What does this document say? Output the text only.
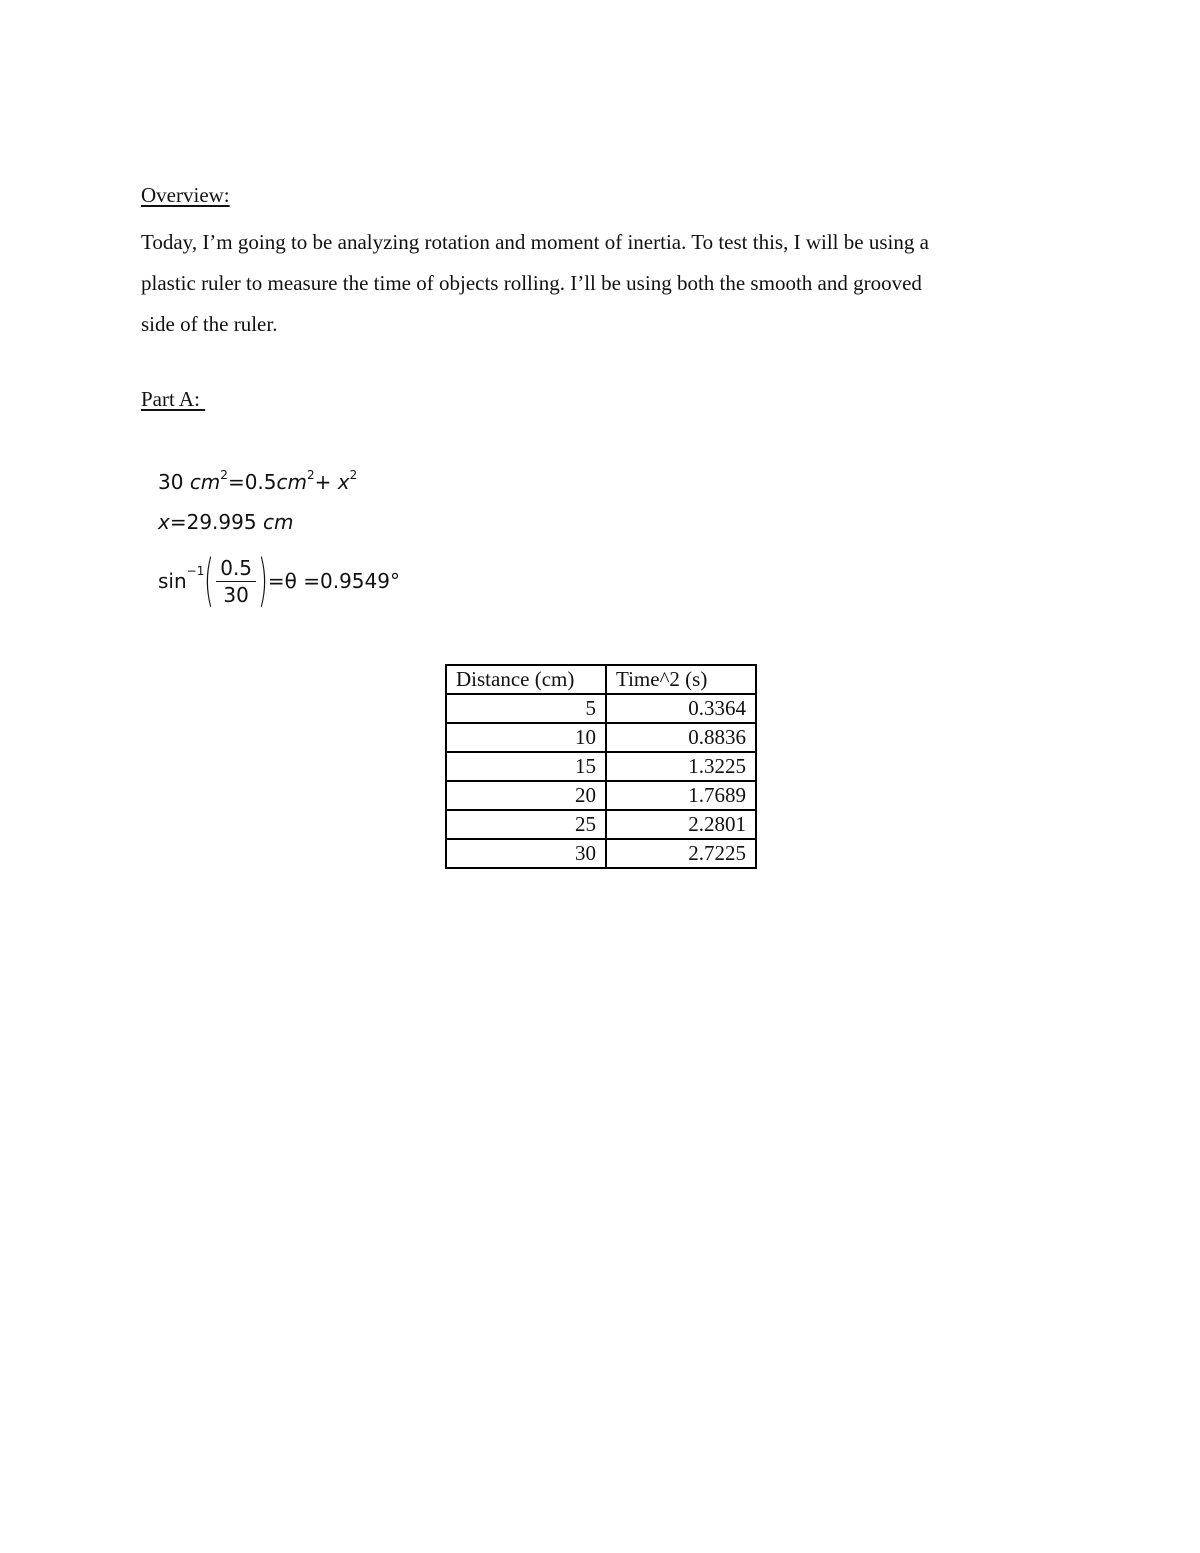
Overview:
Today, I’m going to be analyzing rotation and moment of inertia. To test this, I will be using a
plastic ruler to measure the time of objects rolling. I’ll be using both the smooth and grooved
side of the ruler.
Part A:
30 $cm^2=0.5cm^2+ x^2$
x=29.995 cm
$\sin^{-1}$ ( $\frac{0.5}{30}$ ) =θ =0.9549°
Distance (cm)	Time^2 (s)
5	0.3364
10	0.8836
15	1.3225
20	1.7689
25	2.2801
30	2.7225
